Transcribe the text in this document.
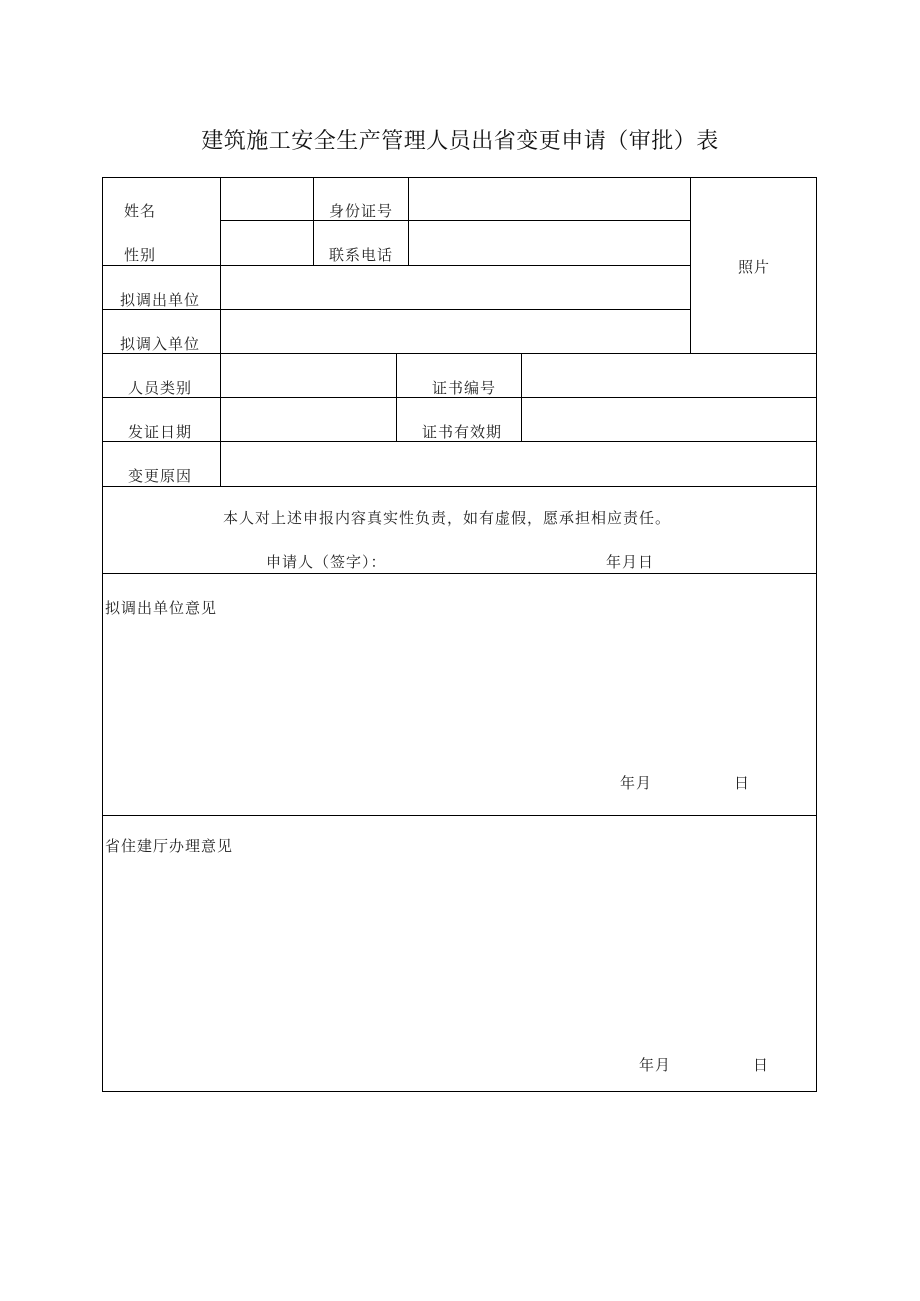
建筑施工安全生产管理人员出省变更申请（审批）表
姓名	身份证号
性别	联系电话
照片
拟调出单位
拟调入单位
人员类别	证书编号
发证日期	证书有效期
变更原因
本人对上述申报内容真实性负责，如有虚假，愿承担相应责任。
申请人（签字）：	年月日
拟调出单位意见
年月	日
省住建厅办理意见
年月	日
